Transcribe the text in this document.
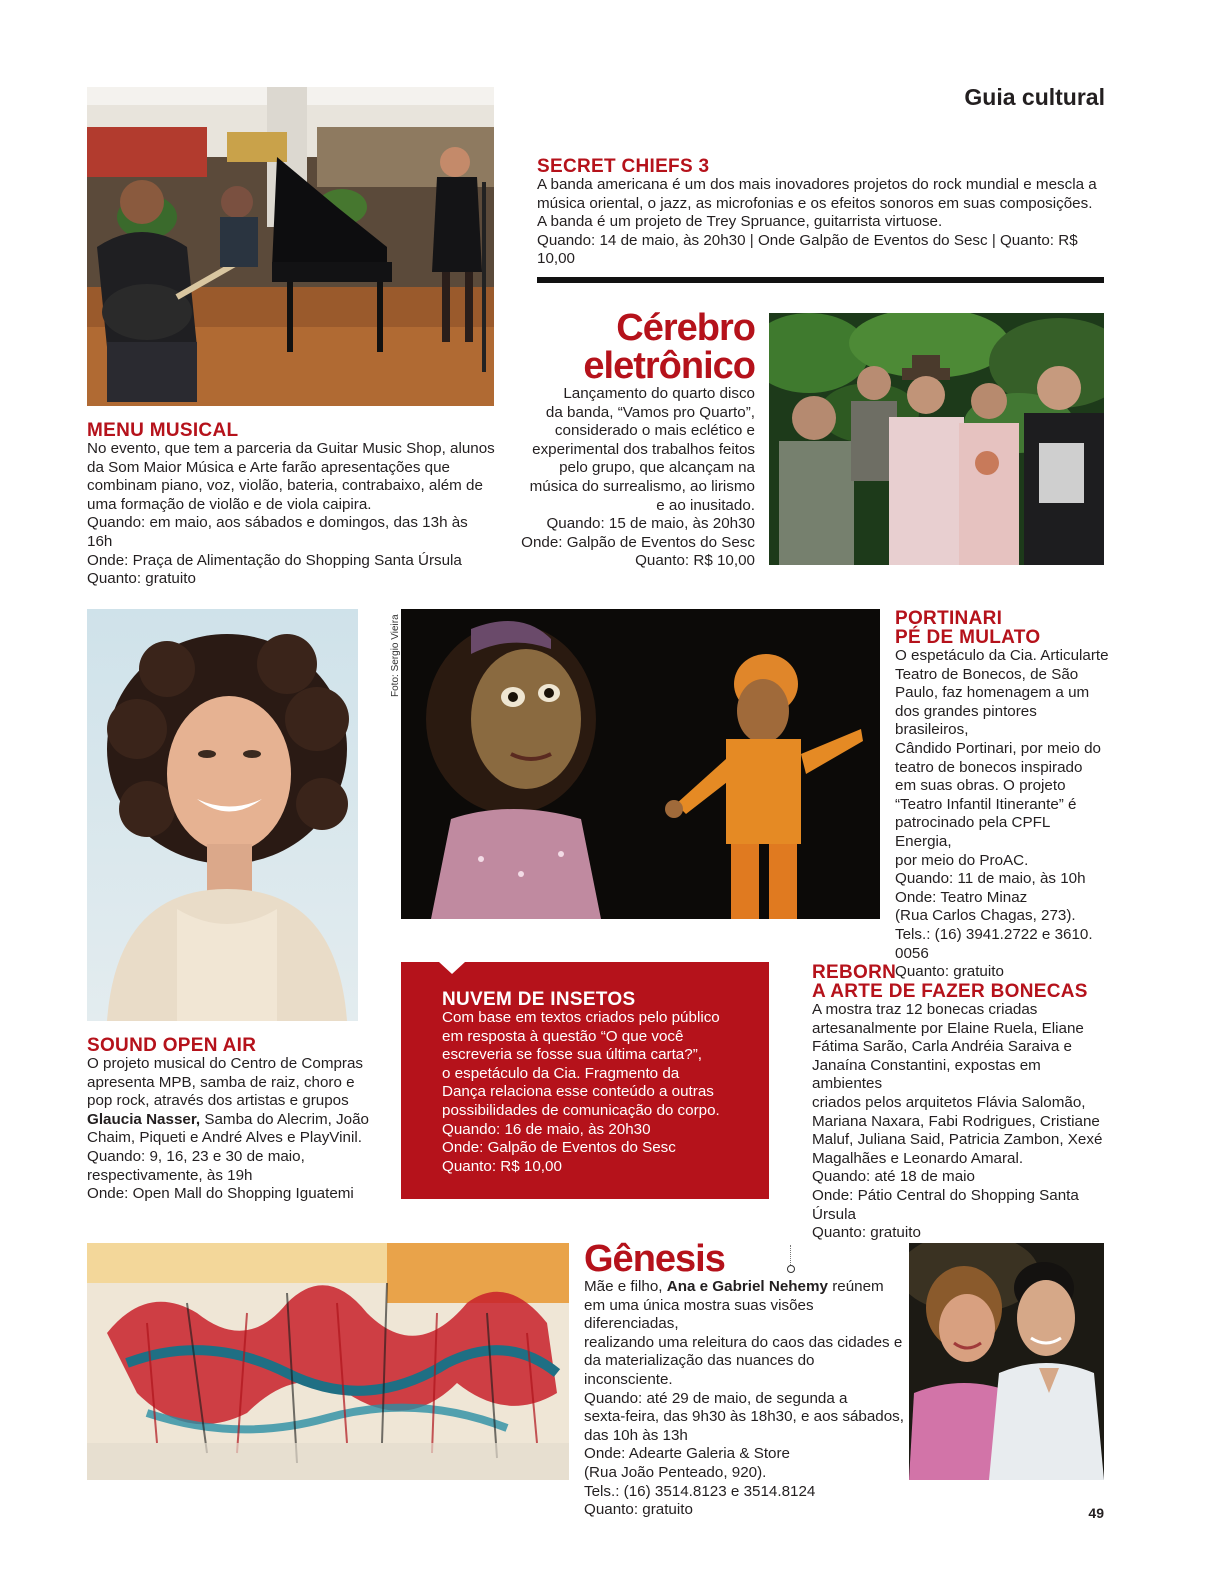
Guia cultural
MENU MUSICAL

No evento, que tem a parceria da Guitar Music Shop, alunos

da Som Maior Música e Arte farão apresentações que

combinam piano, voz, violão, bateria, contrabaixo, além de

uma formação de violão e de viola caipira.

Quando: em maio, aos sábados e domingos, das 13h às 16h

Onde: Praça de Alimentação do Shopping Santa Úrsula

Quanto: gratuito

SECRET CHIEFS 3

A banda americana é um dos mais inovadores projetos do rock mundial e mescla a

música oriental, o jazz, as microfonias e os efeitos sonoros em suas composições.

A banda é um projeto de Trey Spruance, guitarrista virtuose.

Quando: 14 de maio, às 20h30 | Onde Galpão de Eventos do Sesc | Quanto: R$ 10,00

Cérebro
eletrônico

Lançamento do quarto disco

da banda, “Vamos pro Quarto”,

considerado o mais eclético e

experimental dos trabalhos feitos

pelo grupo, que alcançam na

música do surrealismo, ao lirismo

e ao inusitado.

Quando: 15 de maio, às 20h30

Onde: Galpão de Eventos do Sesc

Quanto: R$ 10,00

Foto: Sergio Vieira	PORTINARI
PÉ DE MULATO

O espetáculo da Cia. Articularte

Teatro de Bonecos, de São

Paulo, faz homenagem a um

dos grandes pintores brasileiros,

Cândido Portinari, por meio do

teatro de bonecos inspirado

em suas obras. O projeto

“Teatro Infantil Itinerante” é

patrocinado pela CPFL Energia,

por meio do ProAC.

Quando: 11 de maio, às 10h

Onde: Teatro Minaz

(Rua Carlos Chagas, 273).

Tels.: (16) 3941.2722 e 3610. 0056

Quanto: gratuito

SOUND OPEN AIR

O projeto musical do Centro de Compras

apresenta MPB, samba de raiz, choro e

pop rock, através dos artistas e grupos

Glaucia Nasser, Samba do Alecrim, João

Chaim, Piqueti e André Alves e PlayVinil.

Quando: 9, 16, 23 e 30 de maio,

respectivamente, às 19h

Onde: Open Mall do Shopping Iguatemi

NUVEM DE INSETOS

Com base em textos criados pelo público

em resposta à questão “O que você

escreveria se fosse sua última carta?”,

o espetáculo da Cia. Fragmento da

Dança relaciona esse conteúdo a outras

possibilidades de comunicação do corpo.

Quando: 16 de maio, às 20h30

Onde: Galpão de Eventos do Sesc

Quanto: R$ 10,00

REBORN
A ARTE DE FAZER BONECAS

A mostra traz 12 bonecas criadas

artesanalmente por Elaine Ruela, Eliane

Fátima Sarão, Carla Andréia Saraiva e

Janaína Constantini, expostas em ambientes

criados pelos arquitetos Flávia Salomão,

Mariana Naxara, Fabi Rodrigues, Cristiane

Maluf, Juliana Said, Patricia Zambon, Xexé

Magalhães e Leonardo Amaral.

Quando: até 18 de maio

Onde: Pátio Central do Shopping Santa Úrsula

Quanto: gratuito

Gênesis

Mãe e filho, Ana e Gabriel Nehemy reúnem

em uma única mostra suas visões diferenciadas,

realizando uma releitura do caos das cidades e

da materialização das nuances do inconsciente.

Quando: até 29 de maio, de segunda a

sexta-feira, das 9h30 às 18h30, e aos sábados,

das 10h às 13h

Onde: Adearte Galeria & Store

(Rua João Penteado, 920).

Tels.: (16) 3514.8123 e 3514.8124

Quanto: gratuito	49
